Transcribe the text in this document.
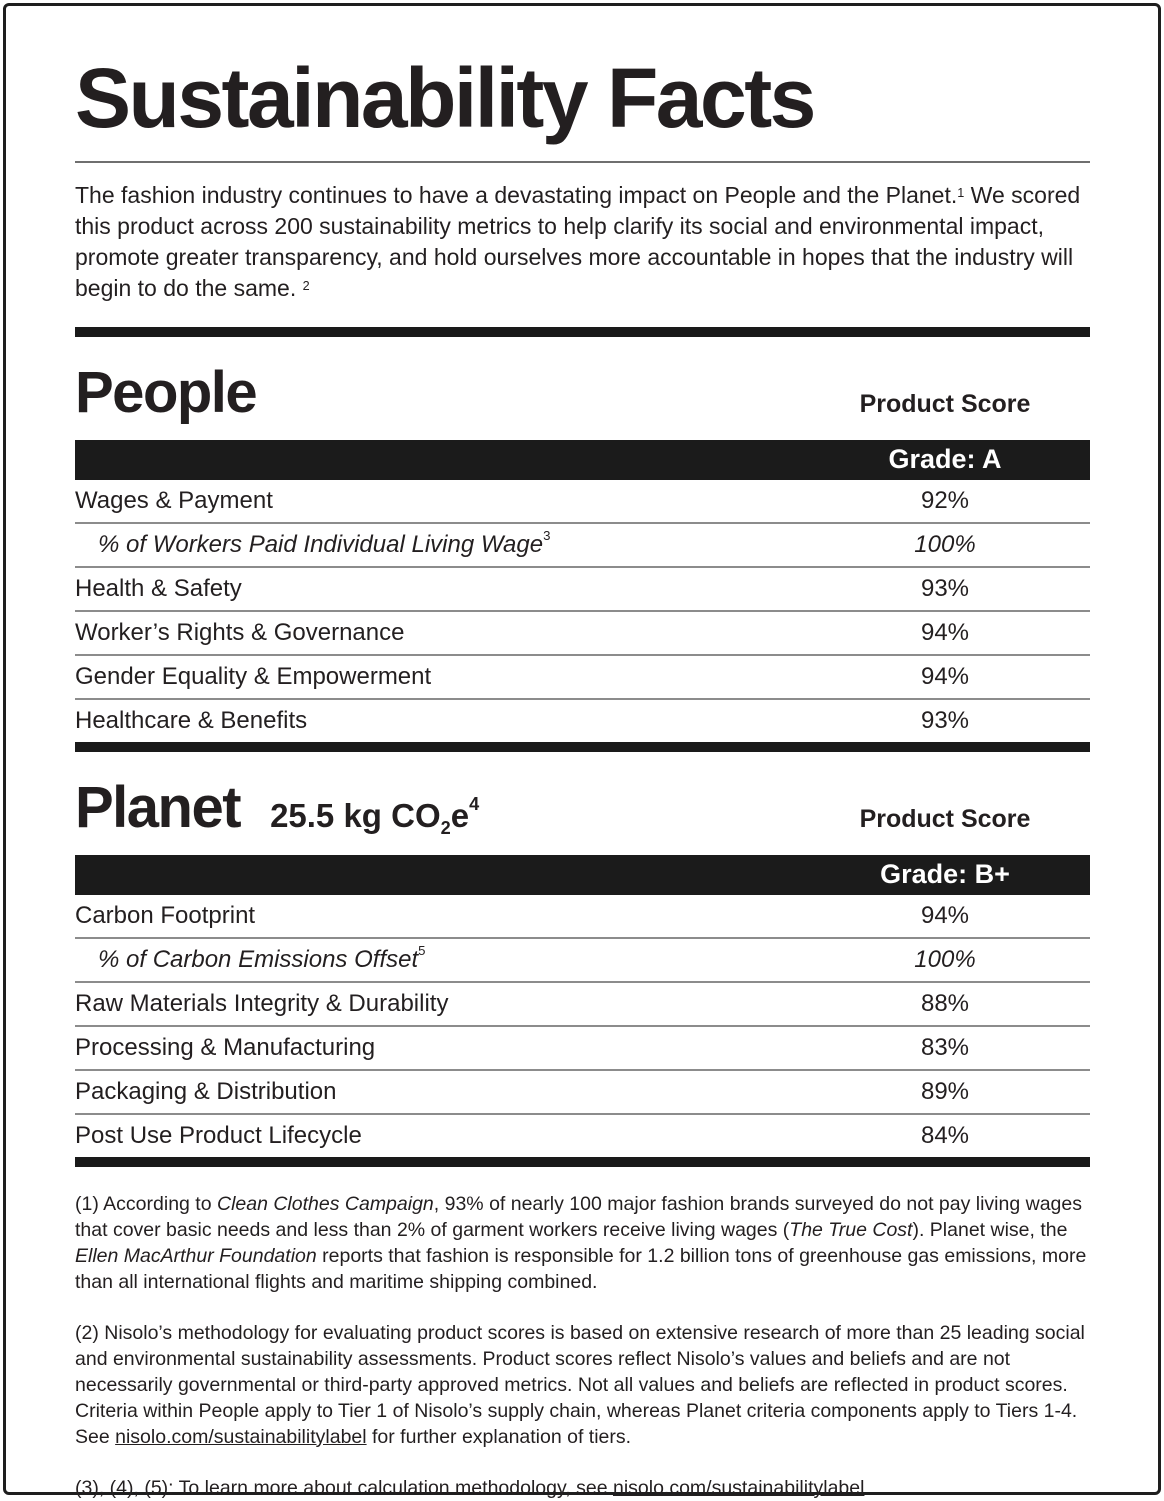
Sustainability Facts

The fashion industry continues to have a devastating impact on People and the Planet.$^1$ We scored this product across 200 sustainability metrics to help clarify its social and environmental impact, promote greater transparency, and hold ourselves more accountable in hopes that the industry will begin to do the same. $^2$

People	Product Score
Grade: A
Wages & Payment	92%
% of Workers Paid Individual Living Wage$^3$	100%
Health & Safety	93%
Worker’s Rights & Governance	94%
Gender Equality & Empowerment	94%
Healthcare & Benefits	93%
Planet 25.5 kg $CO_2e^4$
Product Score
Grade: B+
Carbon Footprint	94%
% of Carbon Emissions Offset$^5$	100%
Raw Materials Integrity & Durability	88%
Processing & Manufacturing	83%
Packaging & Distribution	89%
Post Use Product Lifecycle	84%

(1) According to Clean Clothes Campaign, 93% of nearly 100 major fashion brands surveyed do not pay living wages that cover basic needs and less than 2% of garment workers receive living wages (The True Cost). Planet wise, the Ellen MacArthur Foundation reports that fashion is responsible for 1.2 billion tons of greenhouse gas emissions, more than all international flights and maritime shipping combined.

(2) Nisolo’s methodology for evaluating product scores is based on extensive research of more than 25 leading social and environmental sustainability assessments. Product scores reflect Nisolo’s values and beliefs and are not necessarily governmental or third-party approved metrics. Not all values and beliefs are reflected in product scores. Criteria within People apply to Tier 1 of Nisolo’s supply chain, whereas Planet criteria components apply to Tiers 1-4. See nisolo.com/sustainabilitylabel for further explanation of tiers.

(3), (4), (5): To learn more about calculation methodology, see nisolo.com/sustainabilitylabel
